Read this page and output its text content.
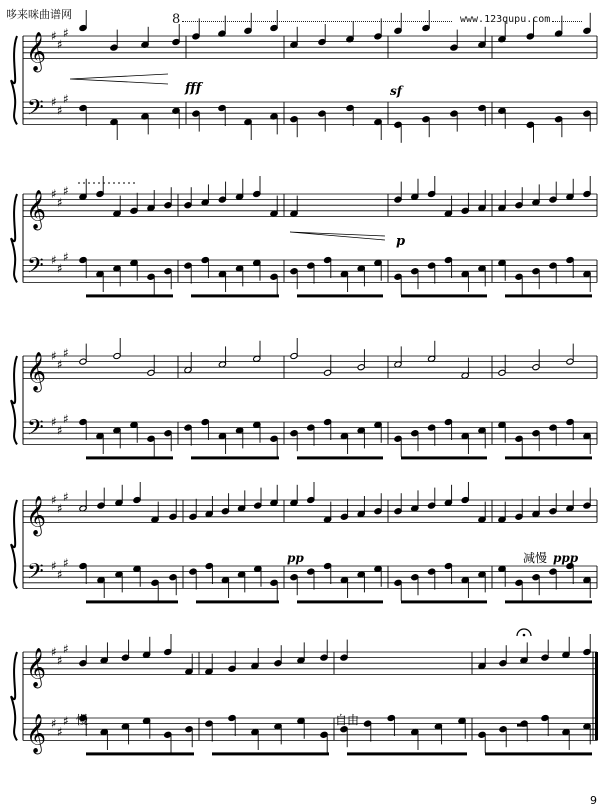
哆来咪曲谱网	8	www.123qupu.com
𝄞
𝄢
♯
♯
♯
♯
♯
♯
𝄞
𝄢
♯
♯
♯
♯
♯
♯
𝄞
𝄢
♯
♯
♯
♯
♯
♯
𝄞
𝄢
♯
♯
♯
♯
♯
♯
𝄞
𝄞
♯
♯
♯
♯
♯
♯
fff	sf
p
pp	减慢 ppp
慢	自由
9
